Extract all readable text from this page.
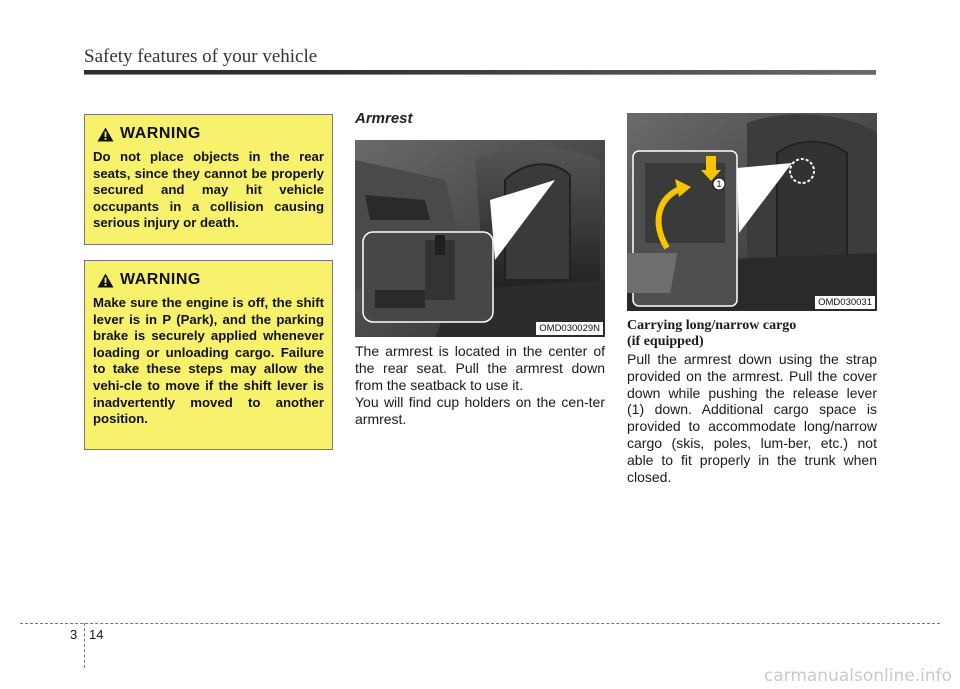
Safety features of your vehicle
WARNING
Do not place objects in the rear seats, since they cannot be properly secured and may hit vehicle occupants in a collision causing serious injury or death.
WARNING
Make sure the engine is off, the shift lever is in P (Park), and the parking brake is securely applied whenever loading or unloading cargo. Failure to take these steps may allow the vehi-cle to move if the shift lever is inadvertently moved to another position.
Armrest
OMD030029N
The armrest is located in the center of the rear seat. Pull the armrest down from the seatback to use it.
You will find cup holders on the cen-ter armrest.
1
OMD030031
Carrying long/narrow cargo
(if equipped)
Pull the armrest down using the strap provided on the armrest. Pull the cover down while pushing the release lever (1) down. Additional cargo space is provided to accommodate long/narrow cargo (skis, poles, lum-ber, etc.) not able to fit properly in the trunk when closed.
3 14
carmanualsonline.info
